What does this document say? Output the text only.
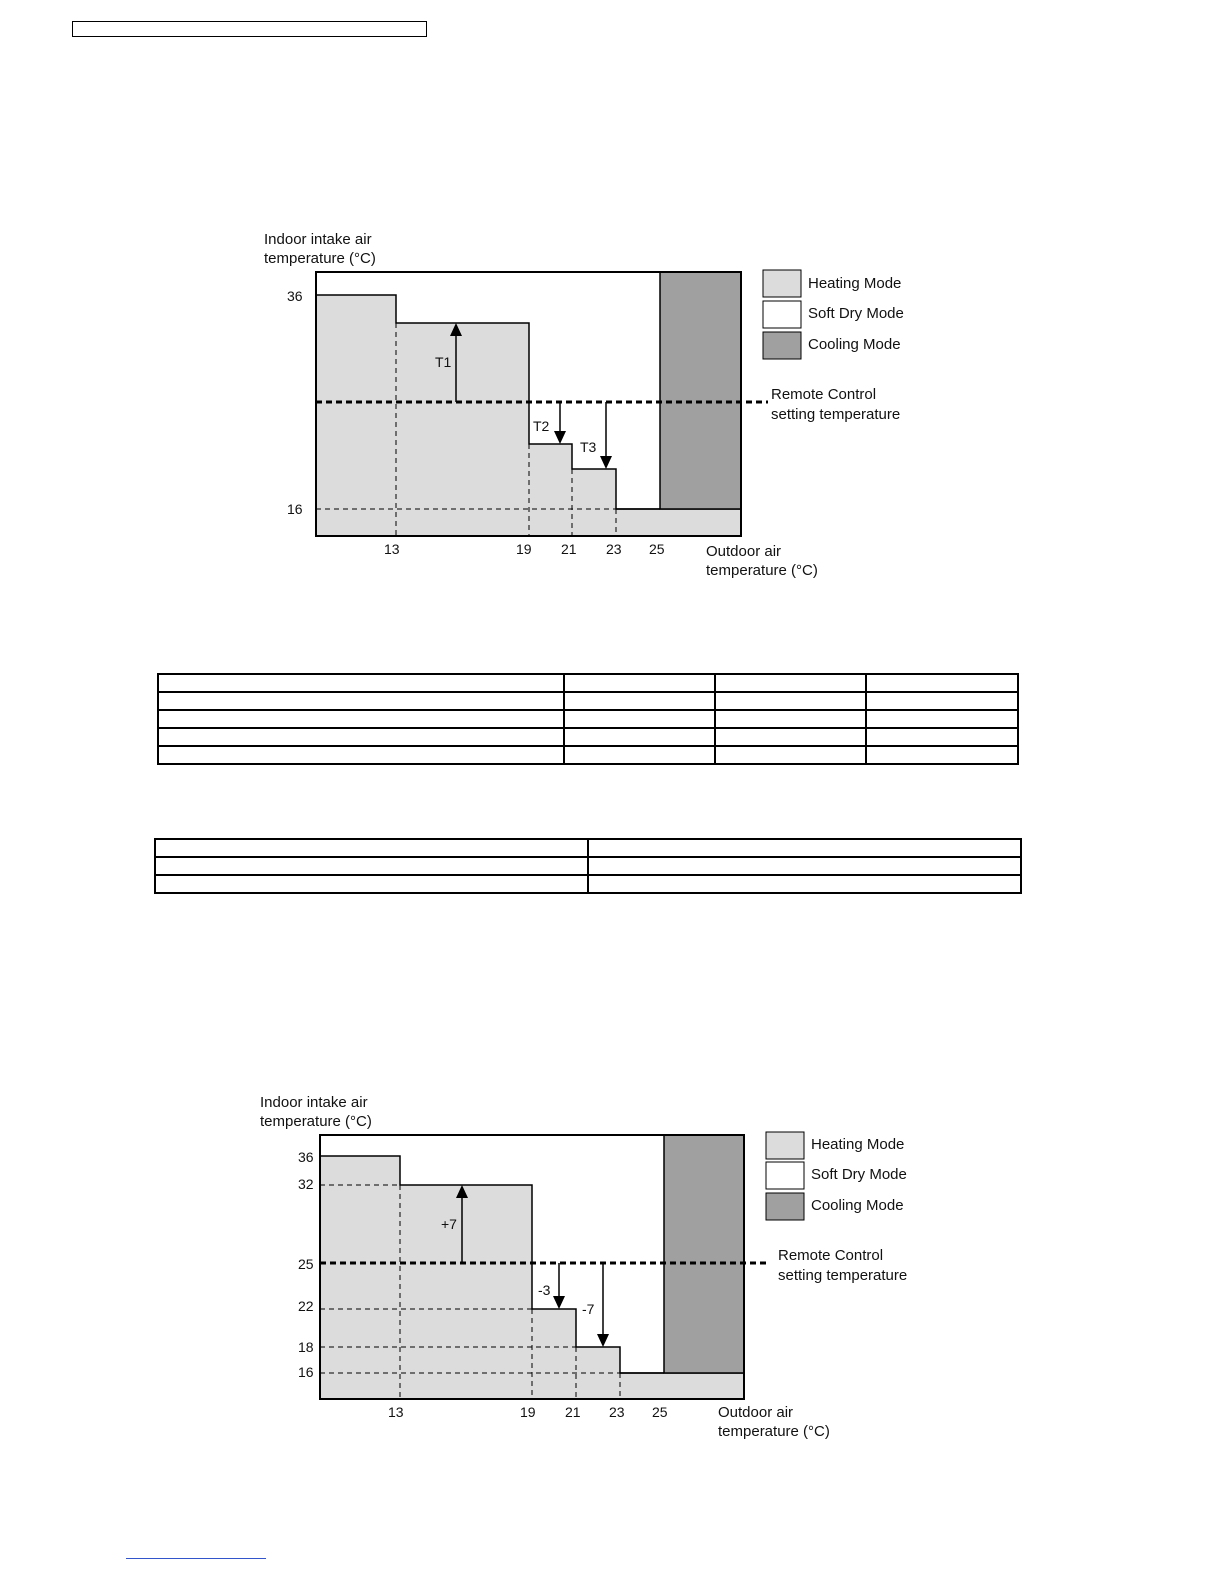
Indoor intake air
temperature (°C)
36
16
13	19 21 23 25	Outdoor air
temperature (°C)
T1
T2
T3
Heating Mode
Soft Dry Mode
Cooling Mode
Remote Control
setting temperature

Indoor intake air
temperature (°C)
36
32
25
22
18
16
13	19 21 23 25	Outdoor air
temperature (°C)
+7
-3
-7
Heating Mode
Soft Dry Mode
Cooling Mode
Remote Control
setting temperature
